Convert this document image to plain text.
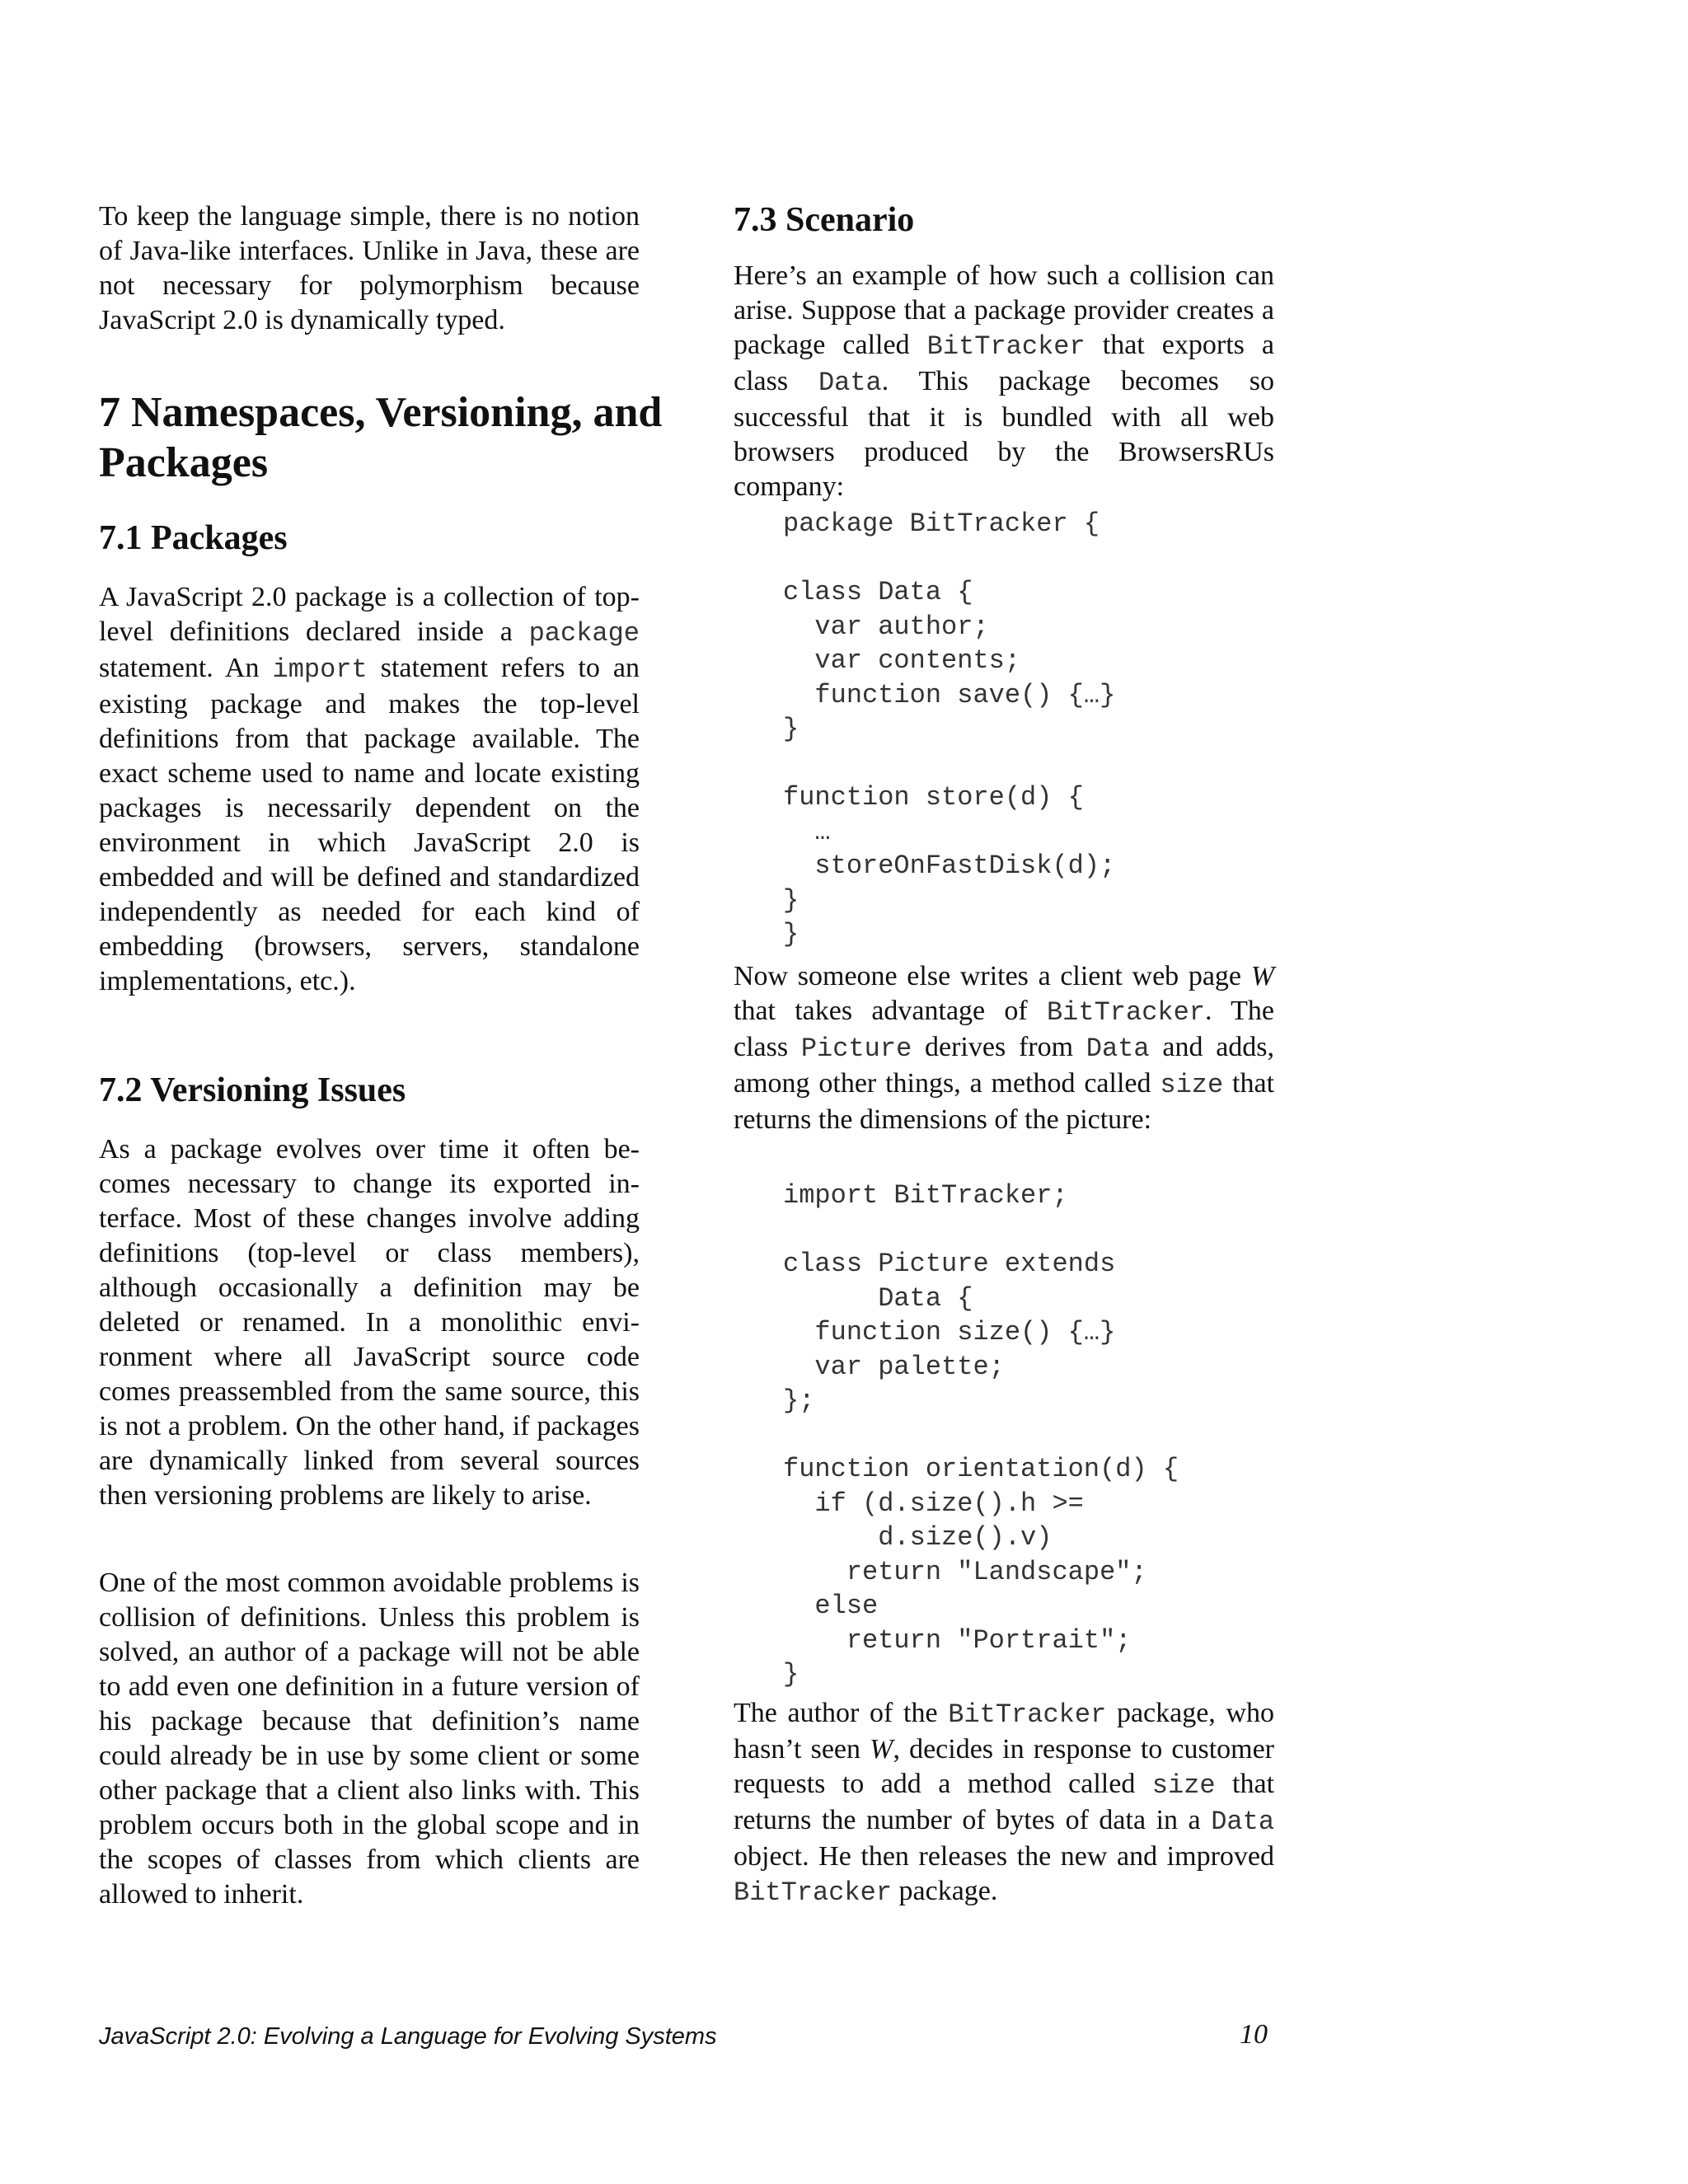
To keep the language simple, there is no notion of Java-like interfaces. Unlike in Java, these are not necessary for polymorphism because JavaScript 2.0 is dynamically typed.

7 Namespaces, Versioning, and Packages
7.1 Packages

A JavaScript 2.0 package is a collection of top-level definitions declared inside a package statement. An import statement refers to an existing package and makes the top-level definitions from that package available. The exact scheme used to name and locate existing packages is necessarily dependent on the environment in which JavaScript 2.0 is embedded and will be defined and standardized independently as needed for each kind of embedding (browsers, servers, standalone implementations, etc.).

7.2 Versioning Issues

As a package evolves over time it often becomes necessary to change its exported interface. Most of these changes involve adding definitions (top-level or class members), although occasionally a definition may be deleted or renamed. In a monolithic environment where all JavaScript source code comes preassembled from the same source, this is not a problem. On the other hand, if packages are dynamically linked from several sources then versioning problems are likely to arise.

One of the most common avoidable problems is collision of definitions. Unless this problem is solved, an author of a package will not be able to add even one definition in a future version of his package because that definition’s name could already be in use by some client or some other package that a client also links with. This problem occurs both in the global scope and in the scopes of classes from which clients are allowed to inherit.

7.3 Scenario

Here’s an example of how such a collision can arise. Suppose that a package provider creates a package called BitTracker that exports a class Data. This package becomes so successful that it is bundled with all web browsers produced by the BrowsersRUs company:

package BitTracker {

class Data {
var author;
var contents;
function save() {…}
}

function store(d) {
…
storeOnFastDisk(d);
}
}

Now someone else writes a client web page W that takes advantage of BitTracker. The class Picture derives from Data and adds, among other things, a method called size that returns the dimensions of the picture:

import BitTracker;

class Picture extends
Data {
function size() {…}
var palette;
};

function orientation(d) {
if (d.size().h >=
d.size().v)
return "Landscape";
else
return "Portrait";
}

The author of the BitTracker package, who hasn’t seen W, decides in response to customer requests to add a method called size that returns the number of bytes of data in a Data object. He then releases the new and improved BitTracker package.

JavaScript 2.0: Evolving a Language for Evolving Systems	10
